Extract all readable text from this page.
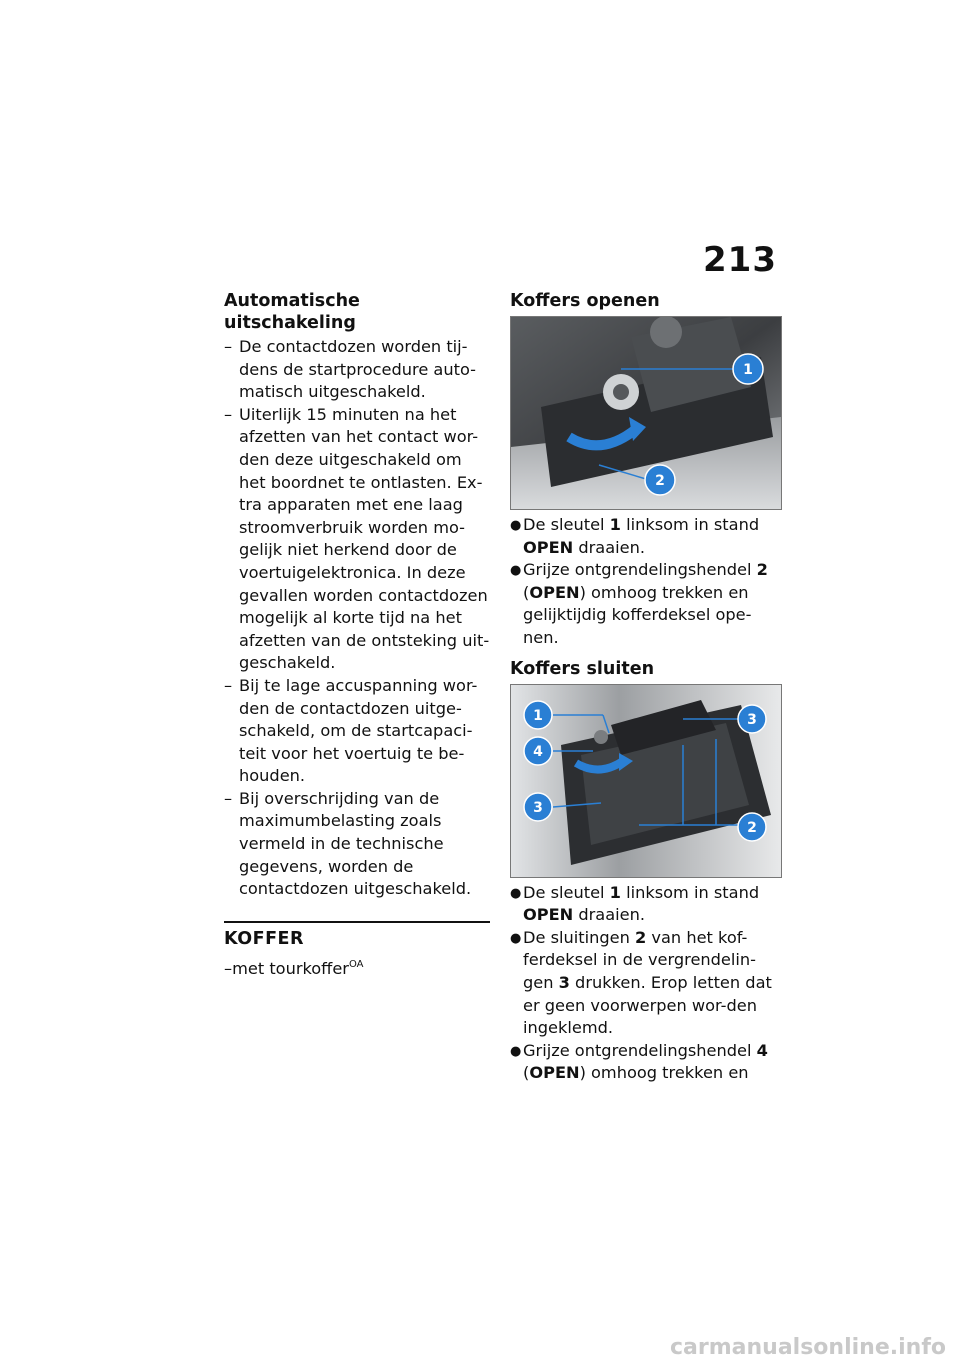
213
Automatische uitschakeling
– De contactdozen worden tij-dens de startprocedure auto-matisch uitgeschakeld.
– Uiterlijk 15 minuten na het afzetten van het contact wor-den deze uitgeschakeld om het boordnet te ontlasten. Ex-tra apparaten met ene laag stroomverbruik worden mo-gelijk niet herkend door de voertuigelektronica. In deze gevallen worden contactdozen mogelijk al korte tijd na het afzetten van de ontsteking uit-geschakeld.
– Bij te lage accuspanning wor-den de contactdozen uitge-schakeld, om de startcapaci-teit voor het voertuig te be-houden.
– Bij overschrijding van de maximumbelasting zoals vermeld in de technische gegevens, worden de contactdozen uitgeschakeld.
KOFFER
–met tourkoffer$^{OA}$
Koffers openen
1
2
● De sleutel 1 linksom in stand OPEN draaien.
● Grijze ontgrendelingshendel 2 (OPEN) omhoog trekken en gelijktijdig kofferdeksel ope-nen.
Koffers sluiten
1
4
3
3
2
● De sleutel 1 linksom in stand OPEN draaien.
● De sluitingen 2 van het kof-ferdeksel in de vergrendelin-gen 3 drukken. Erop letten dat er geen voorwerpen wor-den ingeklemd.
● Grijze ontgrendelingshendel 4 (OPEN) omhoog trekken en
carmanualsonline.info
